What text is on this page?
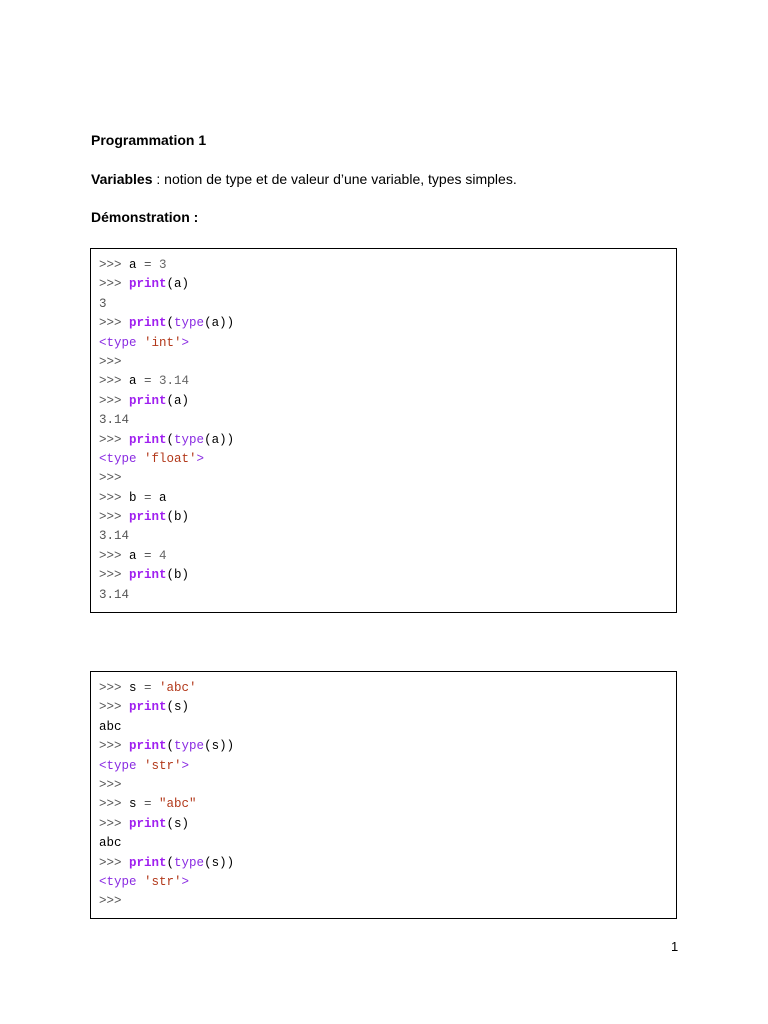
Programmation 1
Variables : notion de type et de valeur d’une variable, types simples.
Démonstration :
>>> a = 3
>>> print(a)
3
>>> print(type(a))
<type 'int'>
>>>
>>> a = 3.14
>>> print(a)
3.14
>>> print(type(a))
<type 'float'>
>>>
>>> b = a
>>> print(b)
3.14
>>> a = 4
>>> print(b)
3.14
>>> s = 'abc'
>>> print(s)
abc
>>> print(type(s))
<type 'str'>
>>>
>>> s = "abc"
>>> print(s)
abc
>>> print(type(s))
<type 'str'>
>>>
1
